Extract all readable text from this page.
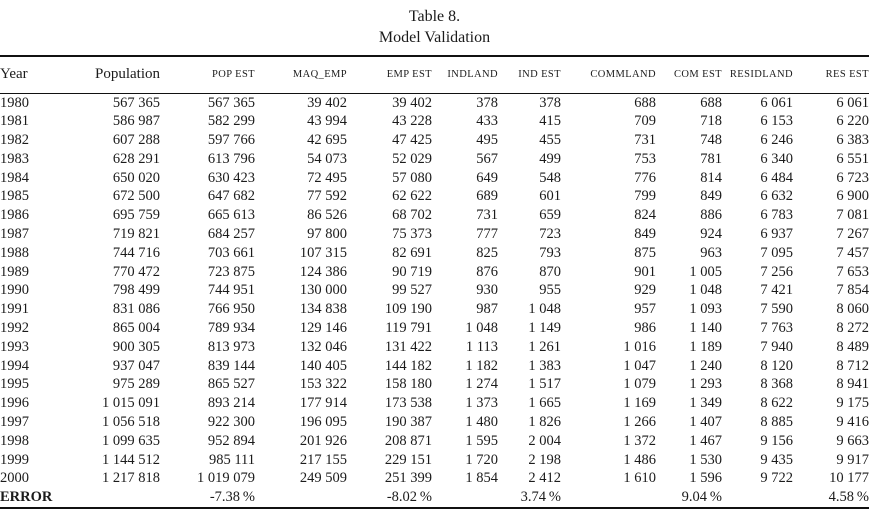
Table 8.
Model Validation
Year	Population	POP EST	MAQ_EMP	EMP EST	INDLAND	IND EST	COMMLAND	COM EST	RESIDLAND	RES EST
1980	567 365	567 365	39 402	39 402	378	378	688	688	6 061	6 061
1981	586 987	582 299	43 994	43 228	433	415	709	718	6 153	6 220
1982	607 288	597 766	42 695	47 425	495	455	731	748	6 246	6 383
1983	628 291	613 796	54 073	52 029	567	499	753	781	6 340	6 551
1984	650 020	630 423	72 495	57 080	649	548	776	814	6 484	6 723
1985	672 500	647 682	77 592	62 622	689	601	799	849	6 632	6 900
1986	695 759	665 613	86 526	68 702	731	659	824	886	6 783	7 081
1987	719 821	684 257	97 800	75 373	777	723	849	924	6 937	7 267
1988	744 716	703 661	107 315	82 691	825	793	875	963	7 095	7 457
1989	770 472	723 875	124 386	90 719	876	870	901	1 005	7 256	7 653
1990	798 499	744 951	130 000	99 527	930	955	929	1 048	7 421	7 854
1991	831 086	766 950	134 838	109 190	987	1 048	957	1 093	7 590	8 060
1992	865 004	789 934	129 146	119 791	1 048	1 149	986	1 140	7 763	8 272
1993	900 305	813 973	132 046	131 422	1 113	1 261	1 016	1 189	7 940	8 489
1994	937 047	839 144	140 405	144 182	1 182	1 383	1 047	1 240	8 120	8 712
1995	975 289	865 527	153 322	158 180	1 274	1 517	1 079	1 293	8 368	8 941
1996	1 015 091	893 214	177 914	173 538	1 373	1 665	1 169	1 349	8 622	9 175
1997	1 056 518	922 300	196 095	190 387	1 480	1 826	1 266	1 407	8 885	9 416
1998	1 099 635	952 894	201 926	208 871	1 595	2 004	1 372	1 467	9 156	9 663
1999	1 144 512	985 111	217 155	229 151	1 720	2 198	1 486	1 530	9 435	9 917
2000	1 217 818	1 019 079	249 509	251 399	1 854	2 412	1 610	1 596	9 722	10 177
ERROR		-7.38 %		-8.02 %		3.74 %		9.04 %		4.58 %
